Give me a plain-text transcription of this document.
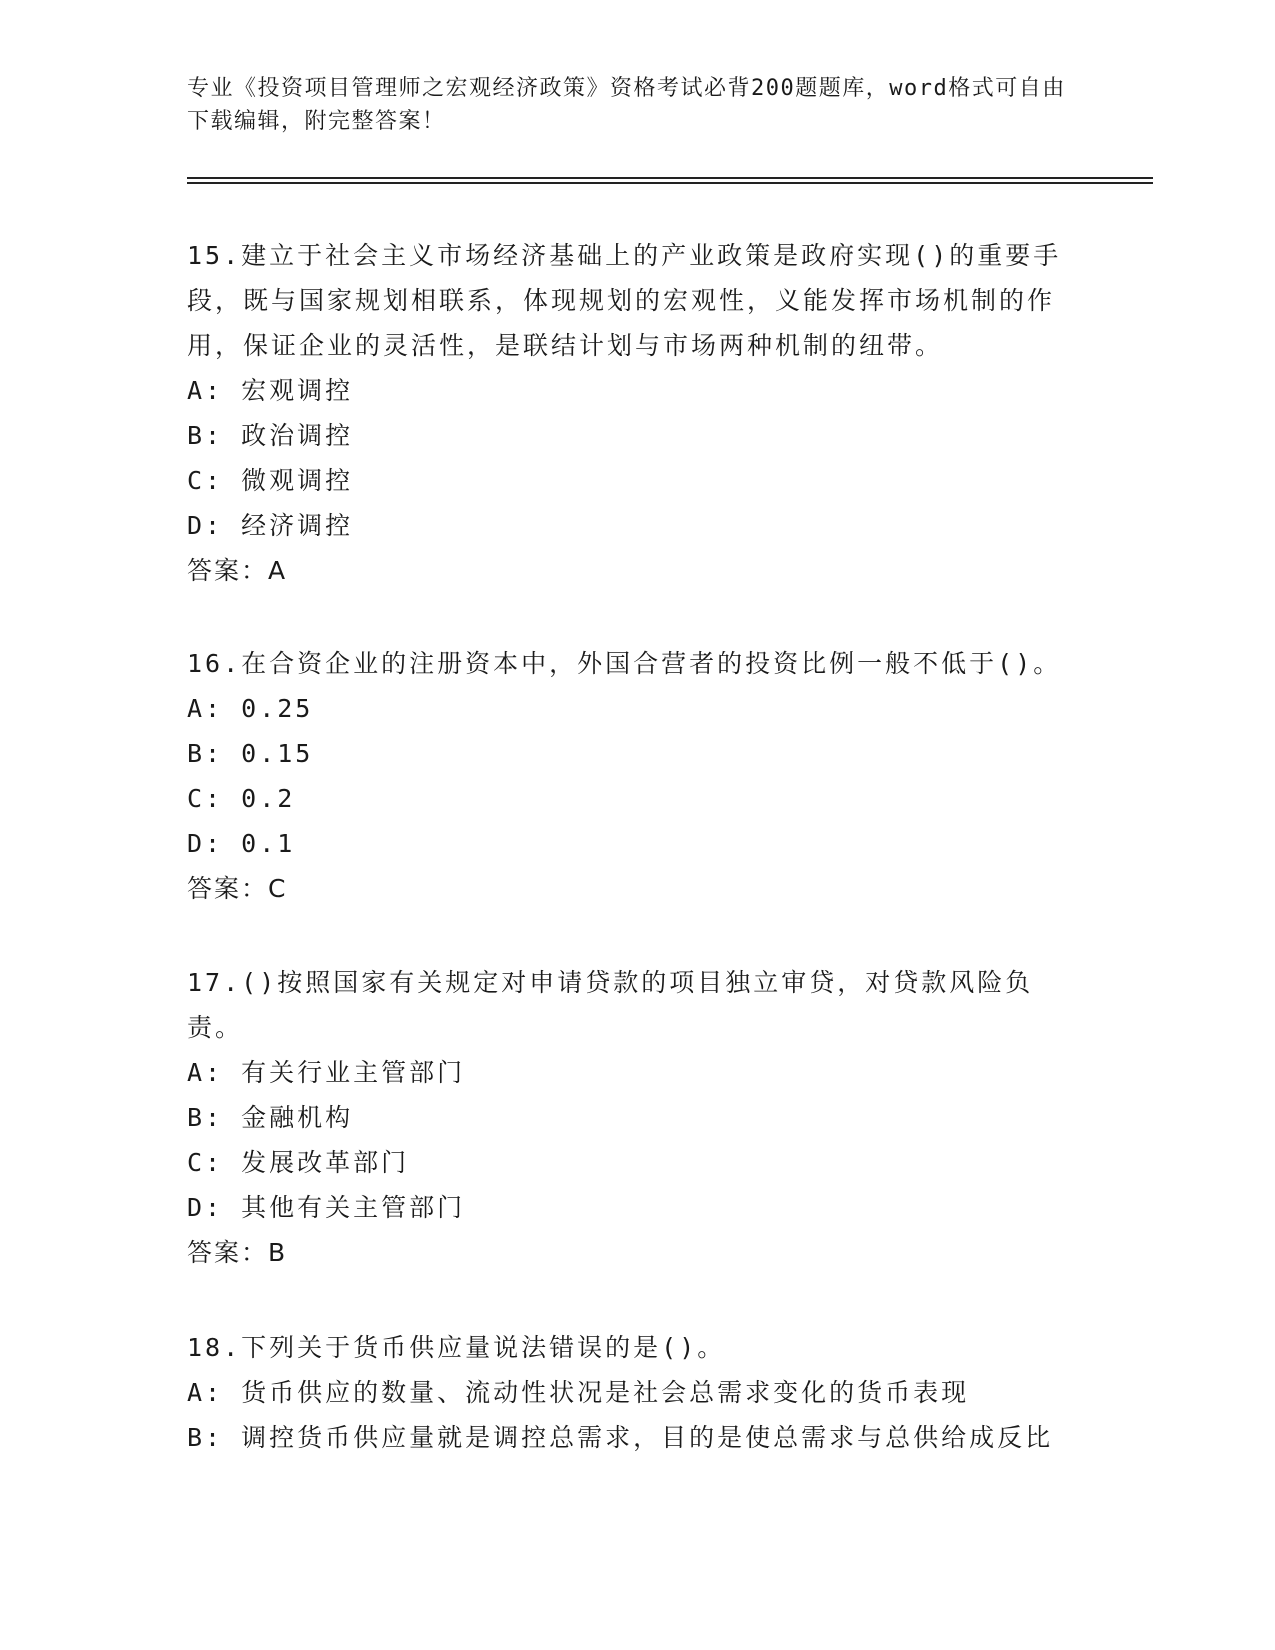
专业《投资项目管理师之宏观经济政策》资格考试必背200题题库，word格式可自由下载编辑，附完整答案！

15.建立于社会主义市场经济基础上的产业政策是政府实现()的重要手段，既与国家规划相联系，体现规划的宏观性，义能发挥市场机制的作用，保证企业的灵活性，是联结计划与市场两种机制的纽带。

A: 宏观调控

B: 政治调控

C: 微观调控

D: 经济调控

答案：A

16.在合资企业的注册资本中，外国合营者的投资比例一般不低于()。

A: 0.25

B: 0.15

C: 0.2

D: 0.1

答案：C

17.()按照国家有关规定对申请贷款的项目独立审贷，对贷款风险负责。

A: 有关行业主管部门

B: 金融机构

C: 发展改革部门

D: 其他有关主管部门

答案：B

18.下列关于货币供应量说法错误的是()。

A: 货币供应的数量、流动性状况是社会总需求变化的货币表现

B: 调控货币供应量就是调控总需求，目的是使总需求与总供给成反比
